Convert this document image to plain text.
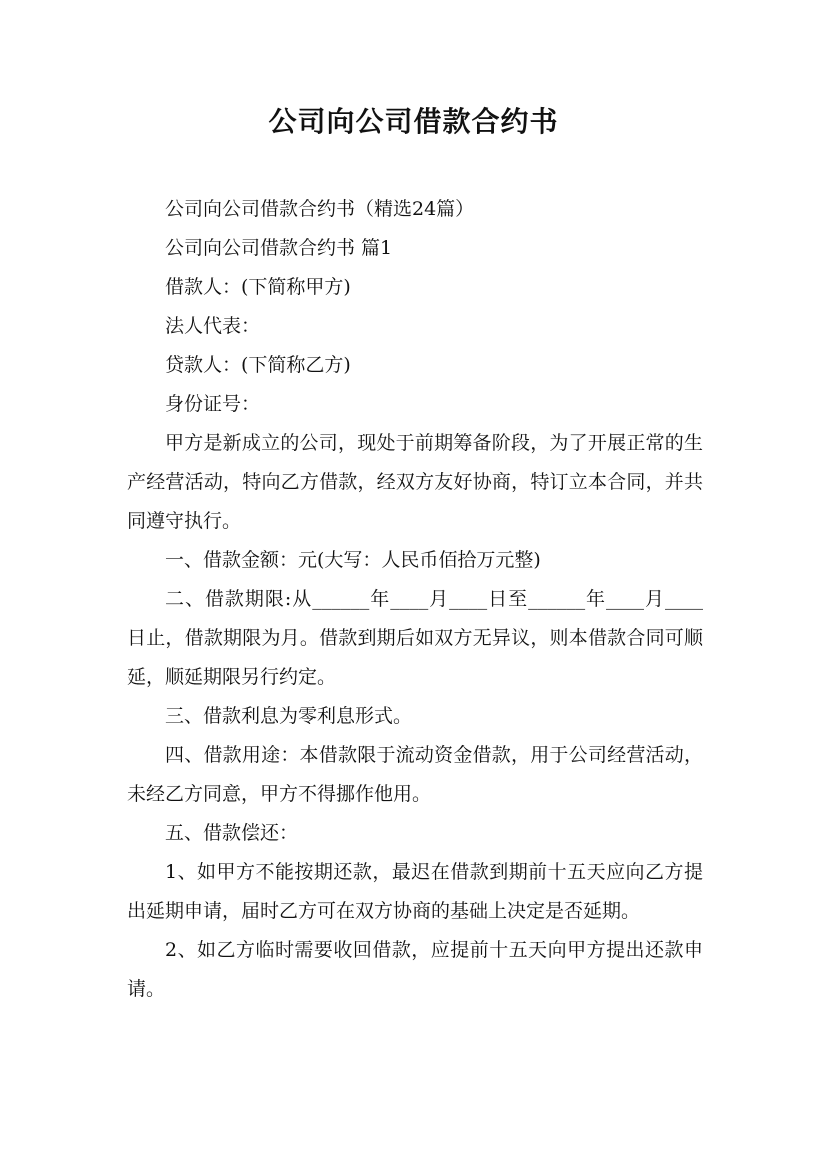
公司向公司借款合约书

公司向公司借款合约书（精选24篇）

公司向公司借款合约书 篇1

借款人：(下简称甲方)

法人代表：

贷款人：(下简称乙方)

身份证号：

甲方是新成立的公司，现处于前期筹备阶段，为了开展正常的生产经营活动，特向乙方借款，经双方友好协商，特订立本合同，并共同遵守执行。

一、借款金额：元(大写：人民币佰拾万元整)

二、借款期限:从______年____月____日至______年____月____日止，借款期限为月。借款到期后如双方无异议，则本借款合同可顺延，顺延期限另行约定。

三、借款利息为零利息形式。

四、借款用途：本借款限于流动资金借款，用于公司经营活动，未经乙方同意，甲方不得挪作他用。

五、借款偿还：

1、如甲方不能按期还款，最迟在借款到期前十五天应向乙方提出延期申请，届时乙方可在双方协商的基础上决定是否延期。

2、如乙方临时需要收回借款，应提前十五天向甲方提出还款申请。
